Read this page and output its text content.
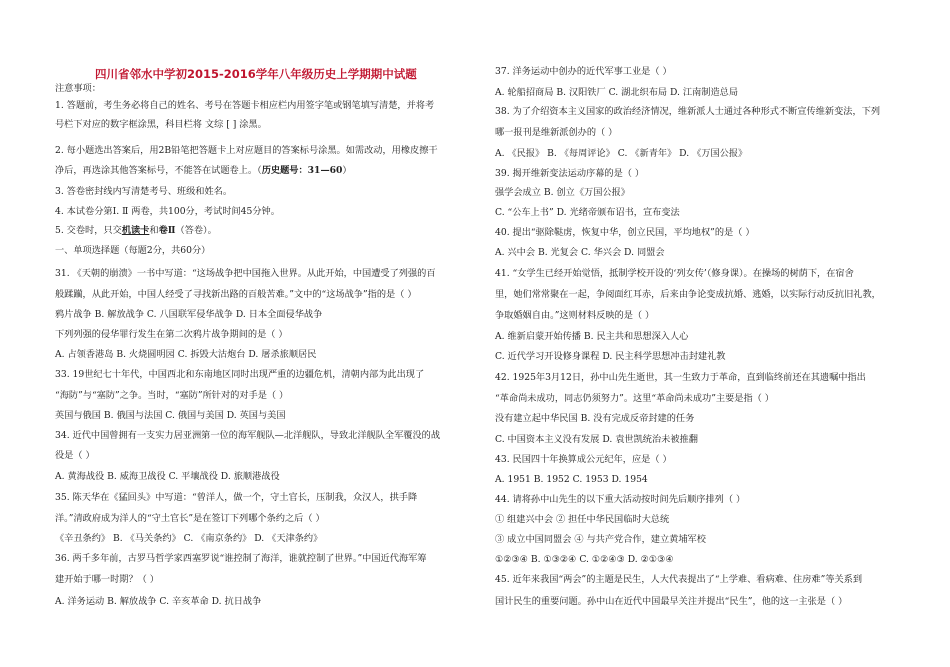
四川省邻水中学初2015-2016学年八年级历史上学期期中试题
注意事项：
1. 答题前，考生务必将自己的姓名、考号在答题卡相应栏内用签字笔或钢笔填写清楚，并将考
号栏下对应的数字框涂黑，科目栏将 文综 [ ] 涂黑。
2. 每小题选出答案后，用2B铅笔把答题卡上对应题目的答案标号涂黑。如需改动，用橡皮擦干
净后，再选涂其他答案标号，不能答在试题卷上。（历史题号：31—60）
3. 答卷密封线内写清楚考号、班级和姓名。
4. 本试卷分第Ⅰ. Ⅱ 两卷，共100分，考试时间45分钟。
5. 交卷时，只交机读卡和卷Ⅱ（答卷）。
一、单项选择题（每题2分，共60分）
31. 《天朝的崩溃》一书中写道：“这场战争把中国拖入世界。从此开始，中国遭受了列强的百
般蹂躏，从此开始，中国人经受了寻找新出路的百般苦难。”文中的“这场战争”指的是（ ）
鸦片战争 B. 解放战争 C. 八国联军侵华战争 D. 日本全面侵华战争
下列列强的侵华罪行发生在第二次鸦片战争期间的是（ ）
A. 占领香港岛 B. 火烧圆明园 C. 拆毁大沽炮台 D. 屠杀旅顺居民
33. 19世纪七十年代，中国西北和东南地区同时出现严重的边疆危机，清朝内部为此出现了
“海防”与“塞防”之争。当时，“塞防”所针对的对手是（ ）
英国与俄国 B. 俄国与法国 C. 俄国与美国 D. 英国与美国
34. 近代中国曾拥有一支实力居亚洲第一位的海军舰队—北洋舰队，导致北洋舰队全军覆没的战
役是（ ）
A. 黄海战役 B. 威海卫战役 C. 平壤战役 D. 旅顺港战役
35. 陈天华在《猛回头》中写道：“曾洋人，做一个，守土官长，压制我，众汉人，拱手降
洋。”清政府成为洋人的“守土官长”是在签订下列哪个条约之后（ ）
《辛丑条约》 B. 《马关条约》 C. 《南京条约》 D. 《天津条约》
36. 两千多年前，古罗马哲学家西塞罗说“谁控制了海洋，谁就控制了世界。”中国近代海军筹
建开始于哪一时期？（ ）
A. 洋务运动 B. 解放战争 C. 辛亥革命 D. 抗日战争
37. 洋务运动中创办的近代军事工业是（ ）
A. 轮船招商局 B. 汉阳铁厂 C. 湖北织布局 D. 江南制造总局
38. 为了介绍资本主义国家的政治经济情况，维新派人士通过各种形式不断宣传维新变法，下列
哪一报刊是维新派创办的（ ）
A. 《民报》 B. 《每周评论》 C. 《新青年》 D. 《万国公报》
39. 揭开维新变法运动序幕的是（ ）
强学会成立 B. 创立《万国公报》
C. “公车上书” D. 光绪帝颁布诏书，宣布变法
40. 提出“驱除鞑虏，恢复中华，创立民国，平均地权”的是（ ）
A. 兴中会 B. 光复会 C. 华兴会 D. 同盟会
41. “女学生已经开始觉悟，抵制学校开设的‘列女传’（修身课）。在操场的树荫下，在宿舍
里，她们常常聚在一起，争阅面红耳赤，后来由争论变成抗婚、逃婚，以实际行动反抗旧礼教，
争取婚姻自由。”这则材料反映的是（ ）
A. 维新启蒙开始传播 B. 民主共和思想深入人心
C. 近代学习开设修身课程 D. 民主科学思想冲击封建礼教
42. 1925年3月12日，孙中山先生逝世，其一生致力于革命，直到临终前还在其遗嘱中指出
“革命尚未成功，同志仍须努力”。这里“革命尚未成功”主要是指（ ）
没有建立起中华民国 B. 没有完成反帝封建的任务
C. 中国资本主义没有发展 D. 袁世凯统治未被推翻
43. 民国四十年换算成公元纪年，应是（ ）
A. 1951 B. 1952 C. 1953 D. 1954
44. 请将孙中山先生的以下重大活动按时间先后顺序排列（ ）
① 组建兴中会 ② 担任中华民国临时大总统
③ 成立中国同盟会 ④ 与共产党合作，建立黄埔军校
①②③④ B. ①③②④ C. ①②④③ D. ②①③④
45. 近年来我国“两会”的主题是民生，人大代表提出了“上学难、看病难、住房难”等关系到
国计民生的重要问题。孙中山在近代中国最早关注并提出“民生”，他的这一主张是（ ）
